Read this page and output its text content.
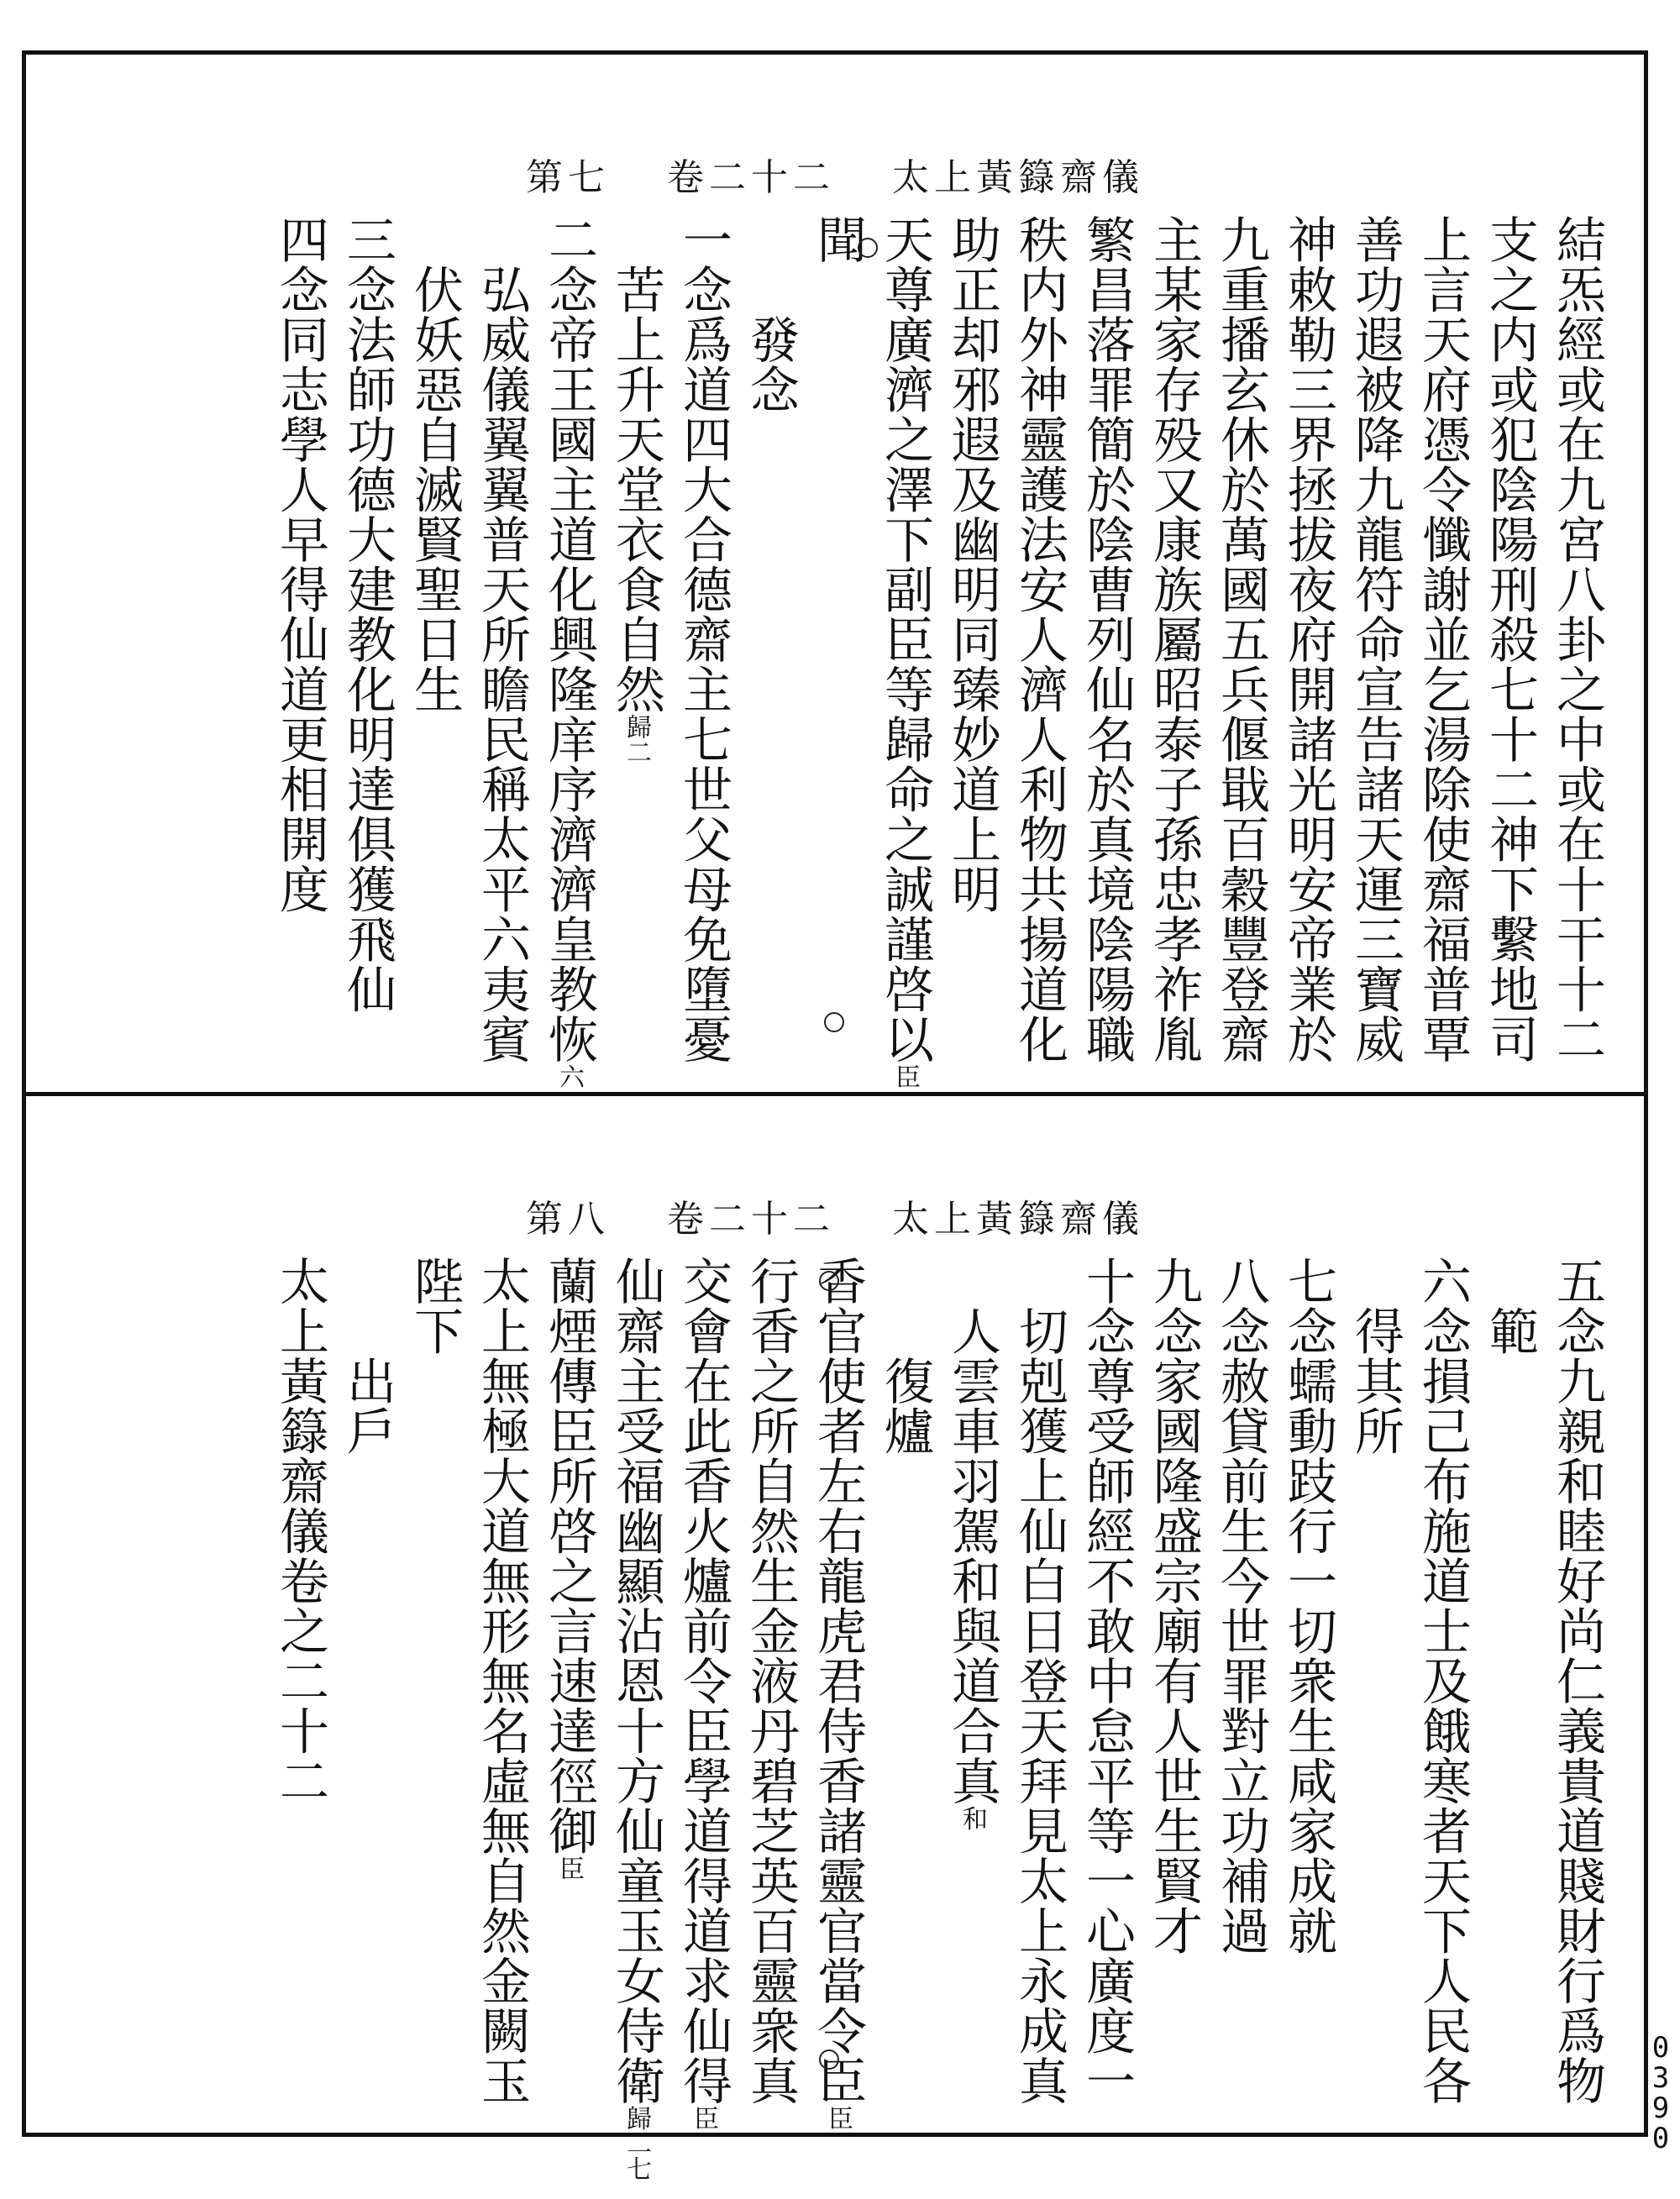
第七 卷二十二 太上黃籙齋儀
結炁經或在九宮八卦之中或在十干十二
支之内或犯陰陽刑殺七十二神下繫地司
上言天府憑令懺謝並乞湯除使齋福普覃
善功遐被降九龍符命宣告諸天運三寶威
神敕勒三界拯拔夜府開諸光明安帝業於
九重播玄休於萬國五兵偃戢百穀豐登齋
主某家存殁又康族屬昭泰子孫忠孝祚胤
繁昌落罪簡於陰曹列仙名於真境陰陽職
秩内外神靈護法安人濟人利物共揚道化
助正却邪遐及幽明同臻妙道上明
天尊廣濟之澤下副臣等歸命之誠謹啓以臣
聞
　　發念
一念爲道四大合德齋主七世父母免墮憂
　苦上升天堂衣食自然歸二
二念帝王國主道化興隆庠序濟濟皇教恢六
　弘威儀翼翼普天所瞻民稱太平六夷賓
　伏妖惡自滅賢聖日生
三念法師功德大建教化明達俱獲飛仙
四念同志學人早得仙道更相開度
第八 卷二十二 太上黃籙齋儀
五念九親和睦好尚仁義貴道賤財行爲物
　範
六念損己布施道士及餓寒者天下人民各
　得其所
七念蠕動跂行一切衆生咸家成就
八念赦貸前生今世罪對立功補過
九念家國隆盛宗廟有人世生賢才
十念尊受師經不敢中怠平等一心廣度一
　切剋獲上仙白日登天拜見太上永成真
　人雲車羽駕和與道合真和
　　復爐
香官使者左右龍虎君侍香諸靈官當令臣臣
行香之所自然生金液丹碧芝英百靈衆真
交會在此香火爐前令臣學道得道求仙得臣
仙齋主受福幽顯沾恩十方仙童玉女侍衛歸二七
蘭煙傳臣所啓之言速達徑御臣
太上無極大道無形無名虛無自然金闕玉
陛下
　　出戶
太上黃籙齋儀卷之二十二
0390
